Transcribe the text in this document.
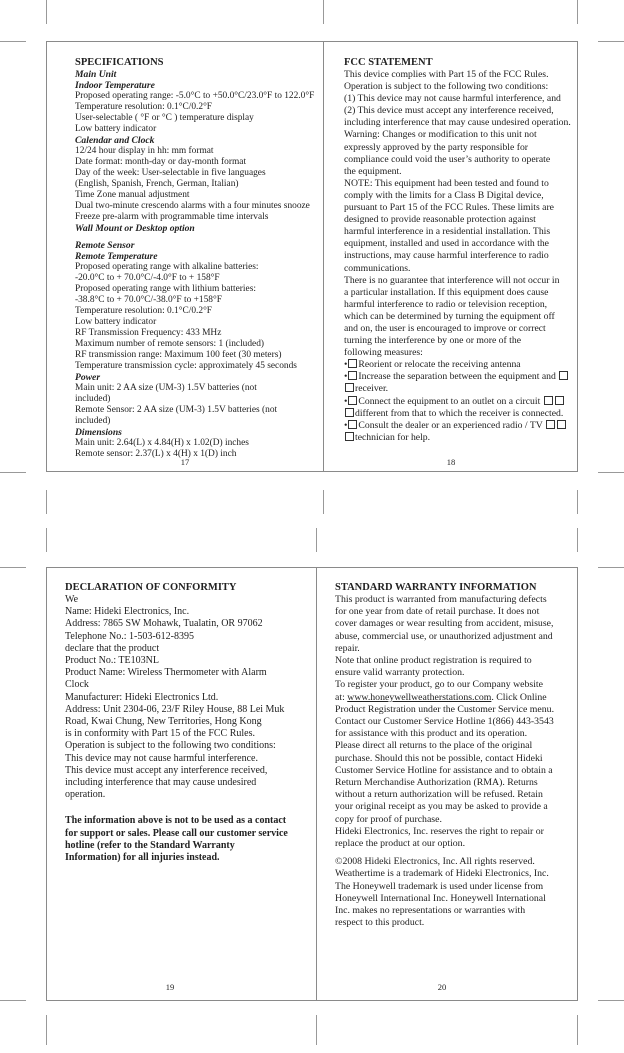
SPECIFICATIONS
Main Unit
Indoor Temperature
Proposed operating range: -5.0°C to +50.0°C/23.0°F to 122.0°F
Temperature resolution: 0.1°C/0.2°F
User-selectable ( °F or °C ) temperature display
Low battery indicator
Calendar and Clock
12/24 hour display in hh: mm format
Date format: month-day or day-month format
Day of the week: User-selectable in five languages
(English, Spanish, French, German, Italian)
Time Zone manual adjustment
Dual two-minute crescendo alarms with a four minutes snooze
Freeze pre-alarm with programmable time intervals
Wall Mount or Desktop option
Remote Sensor
Remote Temperature
Proposed operating range with alkaline batteries:
-20.0°C to + 70.0°C/-4.0°F to + 158°F
Proposed operating range with lithium batteries:
-38.8°C to + 70.0°C/-38.0°F to +158°F
Temperature resolution: 0.1°C/0.2°F
Low battery indicator
RF Transmission Frequency: 433 MHz
Maximum number of remote sensors: 1 (included)
RF transmission range: Maximum 100 feet (30 meters)
Temperature transmission cycle: approximately 45 seconds
Power
Main unit: 2 AA size (UM-3) 1.5V batteries (not
included)
Remote Sensor: 2 AA size (UM-3) 1.5V batteries (not
included)
Dimensions
Main unit: 2.64(L) x 4.84(H) x 1.02(D) inches
Remote sensor: 2.37(L) x 4(H) x 1(D) inch
17
FCC STATEMENT
This device complies with Part 15 of the FCC Rules.
Operation is subject to the following two conditions:
(1) This device may not cause harmful interference, and
(2) This device must accept any interference received,
including interference that may cause undesired operation.
Warning: Changes or modification to this unit not
expressly approved by the party responsible for
compliance could void the user’s authority to operate
the equipment.
NOTE: This equipment had been tested and found to
comply with the limits for a Class B Digital device,
pursuant to Part 15 of the FCC Rules. These limits are
designed to provide reasonable protection against
harmful interference in a residential installation. This
equipment, installed and used in accordance with the
instructions, may cause harmful interference to radio
communications.
There is no guarantee that interference will not occur in
a particular installation. If this equipment does cause
harmful interference to radio or television reception,
which can be determined by turning the equipment off
and on, the user is encouraged to improve or correct
turning the interference by one or more of the
following measures:
• Reorient or relocate the receiving antenna
• Increase the separation between the equipment and
receiver.
• Connect the equipment to an outlet on a circuit
different from that to which the receiver is connected.
• Consult the dealer or an experienced radio / TV
technician for help.
18
DECLARATION OF CONFORMITY
We
Name: Hideki Electronics, Inc.
Address: 7865 SW Mohawk, Tualatin, OR 97062
Telephone No.: 1-503-612-8395
declare that the product
Product No.: TE103NL
Product Name: Wireless Thermometer with Alarm
Clock
Manufacturer: Hideki Electronics Ltd.
Address: Unit 2304-06, 23/F Riley House, 88 Lei Muk
Road, Kwai Chung, New Territories, Hong Kong
is in conformity with Part 15 of the FCC Rules.
Operation is subject to the following two conditions:
This device may not cause harmful interference.
This device must accept any interference received,
including interference that may cause undesired
operation.
The information above is not to be used as a contact
for support or sales. Please call our customer service
hotline (refer to the Standard Warranty
Information) for all injuries instead.
19
STANDARD WARRANTY INFORMATION
This product is warranted from manufacturing defects
for one year from date of retail purchase. It does not
cover damages or wear resulting from accident, misuse,
abuse, commercial use, or unauthorized adjustment and
repair.
Note that online product registration is required to
ensure valid warranty protection.
To register your product, go to our Company website
at: www.honeywellweatherstations.com. Click Online
Product Registration under the Customer Service menu.
Contact our Customer Service Hotline 1(866) 443-3543
for assistance with this product and its operation.
Please direct all returns to the place of the original
purchase. Should this not be possible, contact Hideki
Customer Service Hotline for assistance and to obtain a
Return Merchandise Authorization (RMA). Returns
without a return authorization will be refused. Retain
your original receipt as you may be asked to provide a
copy for proof of purchase.
Hideki Electronics, Inc. reserves the right to repair or
replace the product at our option.
©2008 Hideki Electronics, Inc. All rights reserved.
Weathertime is a trademark of Hideki Electronics, Inc.
The Honeywell trademark is used under license from
Honeywell International Inc. Honeywell International
Inc. makes no representations or warranties with
respect to this product.
20
